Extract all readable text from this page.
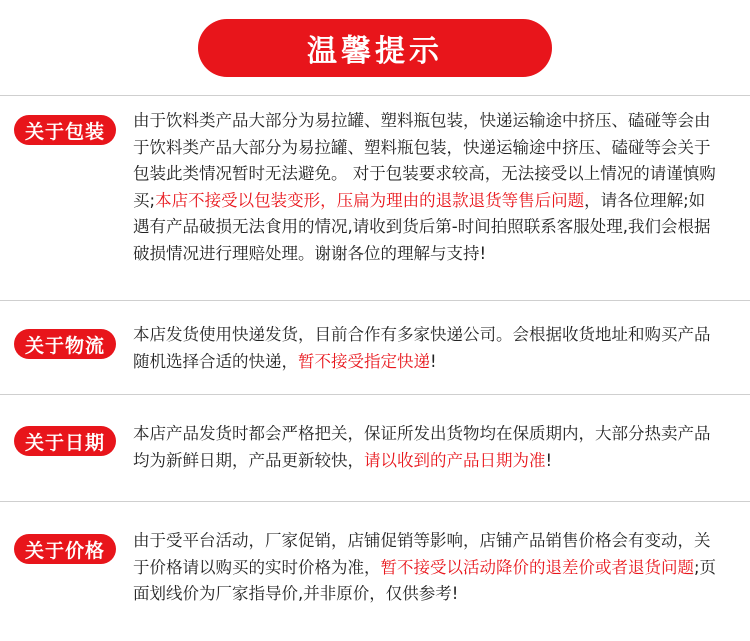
温馨提示
关于包装	由于饮料类产品大部分为易拉罐、塑料瓶包装，快递运输途中挤压、磕碰等会由于饮料类产品大部分为易拉罐、塑料瓶包装，快递运输途中挤压、磕碰等会关于包装此类情况暂时无法避免。 对于包装要求较高，无法接受以上情况的请谨慎购买;本店不接受以包装变形，压扁为理由的退款退货等售后问题，请各位理解;如遇有产品破损无法食用的情况,请收到货后第-时间拍照联系客服处理,我们会根据破损情况进行理赔处理。谢谢各位的理解与支持!
关于物流	本店发货使用快递发货，目前合作有多家快递公司。会根据收货地址和购买产品随机选择合适的快递，暂不接受指定快递!
关于日期	本店产品发货时都会严格把关，保证所发出货物均在保质期内，大部分热卖产品均为新鲜日期，产品更新较快，请以收到的产品日期为准!
关于价格	由于受平台活动，厂家促销，店铺促销等影响，店铺产品销售价格会有变动，关于价格请以购买的实时价格为准，暂不接受以活动降价的退差价或者退货问题;页面划线价为厂家指导价,并非原价，仅供参考!
